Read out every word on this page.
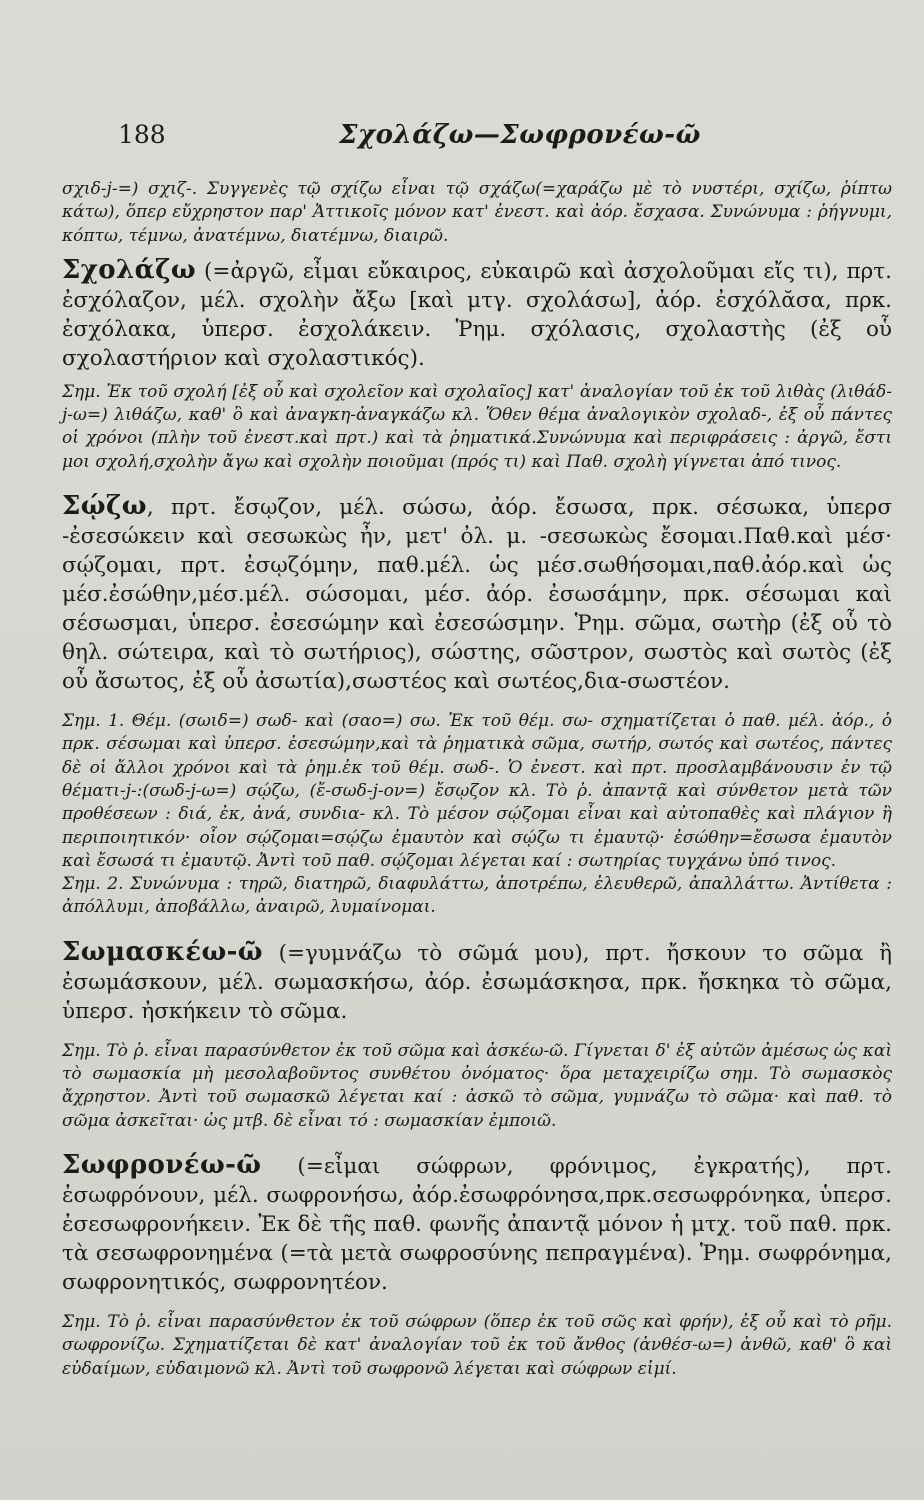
188	Σχολάζω—Σωφρονέω-ῶ

σχιδ-j-=) σχιζ-. Συγγενὲς τῷ σχίζω εἶναι τῷ σχάζω(=χαράζω μὲ τὸ νυστέρι, σχίζω, ῥίπτω κάτω), ὅπερ εὔχρηστον παρ' Ἀττικοῖς μόνον κατ' ἐνεστ. καὶ ἀόρ. ἔσχασα. Συνώνυμα : ῥήγνυμι, κόπτω, τέμνω, ἀνατέμνω, διατέμνω, διαιρῶ.

Σχολάζω (=ἀργῶ, εἶμαι εὔκαιρος, εὐκαιρῶ καὶ ἀσχολοῦμαι εἴς τι), πρτ. ἐσχόλαζον, μέλ. σχολὴν ἄξω [καὶ μτγ. σχολάσω], ἀόρ. ἐσχόλᾰσα, πρκ. ἐσχόλακα, ὑπερσ. ἐσχολάκειν. Ῥημ. σχόλασις, σχολαστὴς (ἐξ οὗ σχολαστήριον καὶ σχολαστικός).

Σημ. Ἐκ τοῦ σχολή [ἐξ οὗ καὶ σχολεῖον καὶ σχολαῖος] κατ' ἀναλογίαν τοῦ ἐκ τοῦ λιθὰς (λιθάδ-j-ω=) λιθάζω, καθ' ὃ καὶ ἀναγκη-ἀναγκάζω κλ. Ὅθεν θέμα ἀναλογικὸν σχολαδ-, ἐξ οὗ πάντες οἱ χρόνοι (πλὴν τοῦ ἐνεστ.καὶ πρτ.) καὶ τὰ ῥηματικά.Συνώνυμα καὶ περιφράσεις : ἀργῶ, ἔστι μοι σχολή,σχολὴν ἄγω καὶ σχολὴν ποιοῦμαι (πρός τι) καὶ Παθ. σχολὴ γίγνεται ἀπό τινος.

Σῴζω, πρτ. ἔσῳζον, μέλ. σώσω, ἀόρ. ἔσωσα, πρκ. σέσωκα, ὑπερσ -ἐσεσώκειν καὶ σεσωκὼς ἦν, μετ' ὀλ. μ. -σεσωκὼς ἔσομαι.Παθ.καὶ μέσ· σῴζομαι, πρτ. ἐσῳζόμην, παθ.μέλ. ὡς μέσ.σωθήσομαι,παθ.ἀόρ.καὶ ὡς μέσ.ἐσώθην,μέσ.μέλ. σώσομαι, μέσ. ἀόρ. ἐσωσάμην, πρκ. σέσωμαι καὶ σέσωσμαι, ὑπερσ. ἐσεσώμην καὶ ἐσεσώσμην. Ῥημ. σῶμα, σωτὴρ (ἐξ οὗ τὸ θηλ. σώτειρα, καὶ τὸ σωτήριος), σώστης, σῶστρον, σωστὸς καὶ σωτὸς (ἐξ οὗ ἄσωτος, ἐξ οὗ ἀσωτία),σωστέος καὶ σωτέος,δια-σωστέον.

Σημ. 1. Θέμ. (σωιδ=) σωδ- καὶ (σαο=) σω. Ἐκ τοῦ θέμ. σω- σχηματίζεται ὁ παθ. μέλ. ἀόρ., ὁ πρκ. σέσωμαι καὶ ὑπερσ. ἐσεσώμην,καὶ τὰ ῥηματικὰ σῶμα, σωτήρ, σωτός καὶ σωτέος, πάντες δὲ οἱ ἄλλοι χρόνοι καὶ τὰ ῥημ.ἐκ τοῦ θέμ. σωδ-. Ὁ ἐνεστ. καὶ πρτ. προσλαμβάνουσιν ἐν τῷ θέματι-j-:(σωδ-j-ω=) σῴζω, (ἔ-σωδ-j-ον=) ἔσῳζον κλ. Τὸ ῥ. ἀπαντᾷ καὶ σύνθετον μετὰ τῶν προθέσεων : διά, ἐκ, ἀνά, συνδια- κλ. Τὸ μέσον σῴζομαι εἶναι καὶ αὐτοπαθὲς καὶ πλάγιον ἢ περιποιητικόν· οἷον σῴζομαι=σῴζω ἐμαυτὸν καὶ σῴζω τι ἐμαυτῷ· ἐσώθην=ἔσωσα ἐμαυτὸν καὶ ἔσωσά τι ἐμαυτῷ. Ἀντὶ τοῦ παθ. σῴζομαι λέγεται καί : σωτηρίας τυγχάνω ὑπό τινος.

Σημ. 2. Συνώνυμα : τηρῶ, διατηρῶ, διαφυλάττω, ἀποτρέπω, ἐλευθερῶ, ἀπαλλάττω. Ἀντίθετα : ἀπόλλυμι, ἀποβάλλω, ἀναιρῶ, λυμαίνομαι.

Σωμασκέω-ῶ (=γυμνάζω τὸ σῶμά μου), πρτ. ἤσκουν το σῶμα ἢ ἐσωμάσκουν, μέλ. σωμασκήσω, ἀόρ. ἐσωμάσκησα, πρκ. ἤσκηκα τὸ σῶμα, ὑπερσ. ἠσκήκειν τὸ σῶμα.

Σημ. Τὸ ῥ. εἶναι παρασύνθετον ἐκ τοῦ σῶμα καὶ ἀσκέω-ῶ. Γίγνεται δ' ἐξ αὐτῶν ἀμέσως ὡς καὶ τὸ σωμασκία μὴ μεσολαβοῦντος συνθέτου ὀνόματος· ὅρα μεταχειρίζω σημ. Τὸ σωμασκὸς ἄχρηστον. Ἀντὶ τοῦ σωμασκῶ λέγεται καί : ἀσκῶ τὸ σῶμα, γυμνάζω τὸ σῶμα· καὶ παθ. τὸ σῶμα ἀσκεῖται· ὡς μτβ. δὲ εἶναι τό : σωμασκίαν ἐμποιῶ.

Σωφρονέω-ῶ (=εἶμαι σώφρων, φρόνιμος, ἐγκρατής), πρτ. ἐσωφρόνουν, μέλ. σωφρονήσω, ἀόρ.ἐσωφρόνησα,πρκ.σεσωφρόνηκα, ὑπερσ. ἐσεσωφρονήκειν. Ἐκ δὲ τῆς παθ. φωνῆς ἀπαντᾷ μόνον ἡ μτχ. τοῦ παθ. πρκ. τὰ σεσωφρονημένα (=τὰ μετὰ σωφροσύνης πεπραγμένα). Ῥημ. σωφρόνημα, σωφρονητικός, σωφρονητέον.

Σημ. Τὸ ῥ. εἶναι παρασύνθετον ἐκ τοῦ σώφρων (ὅπερ ἐκ τοῦ σῶς καὶ φρήν), ἐξ οὗ καὶ τὸ ρῆμ. σωφρονίζω. Σχηματίζεται δὲ κατ' ἀναλογίαν τοῦ ἐκ τοῦ ἄνθος (ἀνθέσ-ω=) ἀνθῶ, καθ' ὃ καὶ εὐδαίμων, εὐδαιμονῶ κλ. Ἀντὶ τοῦ σωφρονῶ λέγεται καὶ σώφρων εἰμί.
